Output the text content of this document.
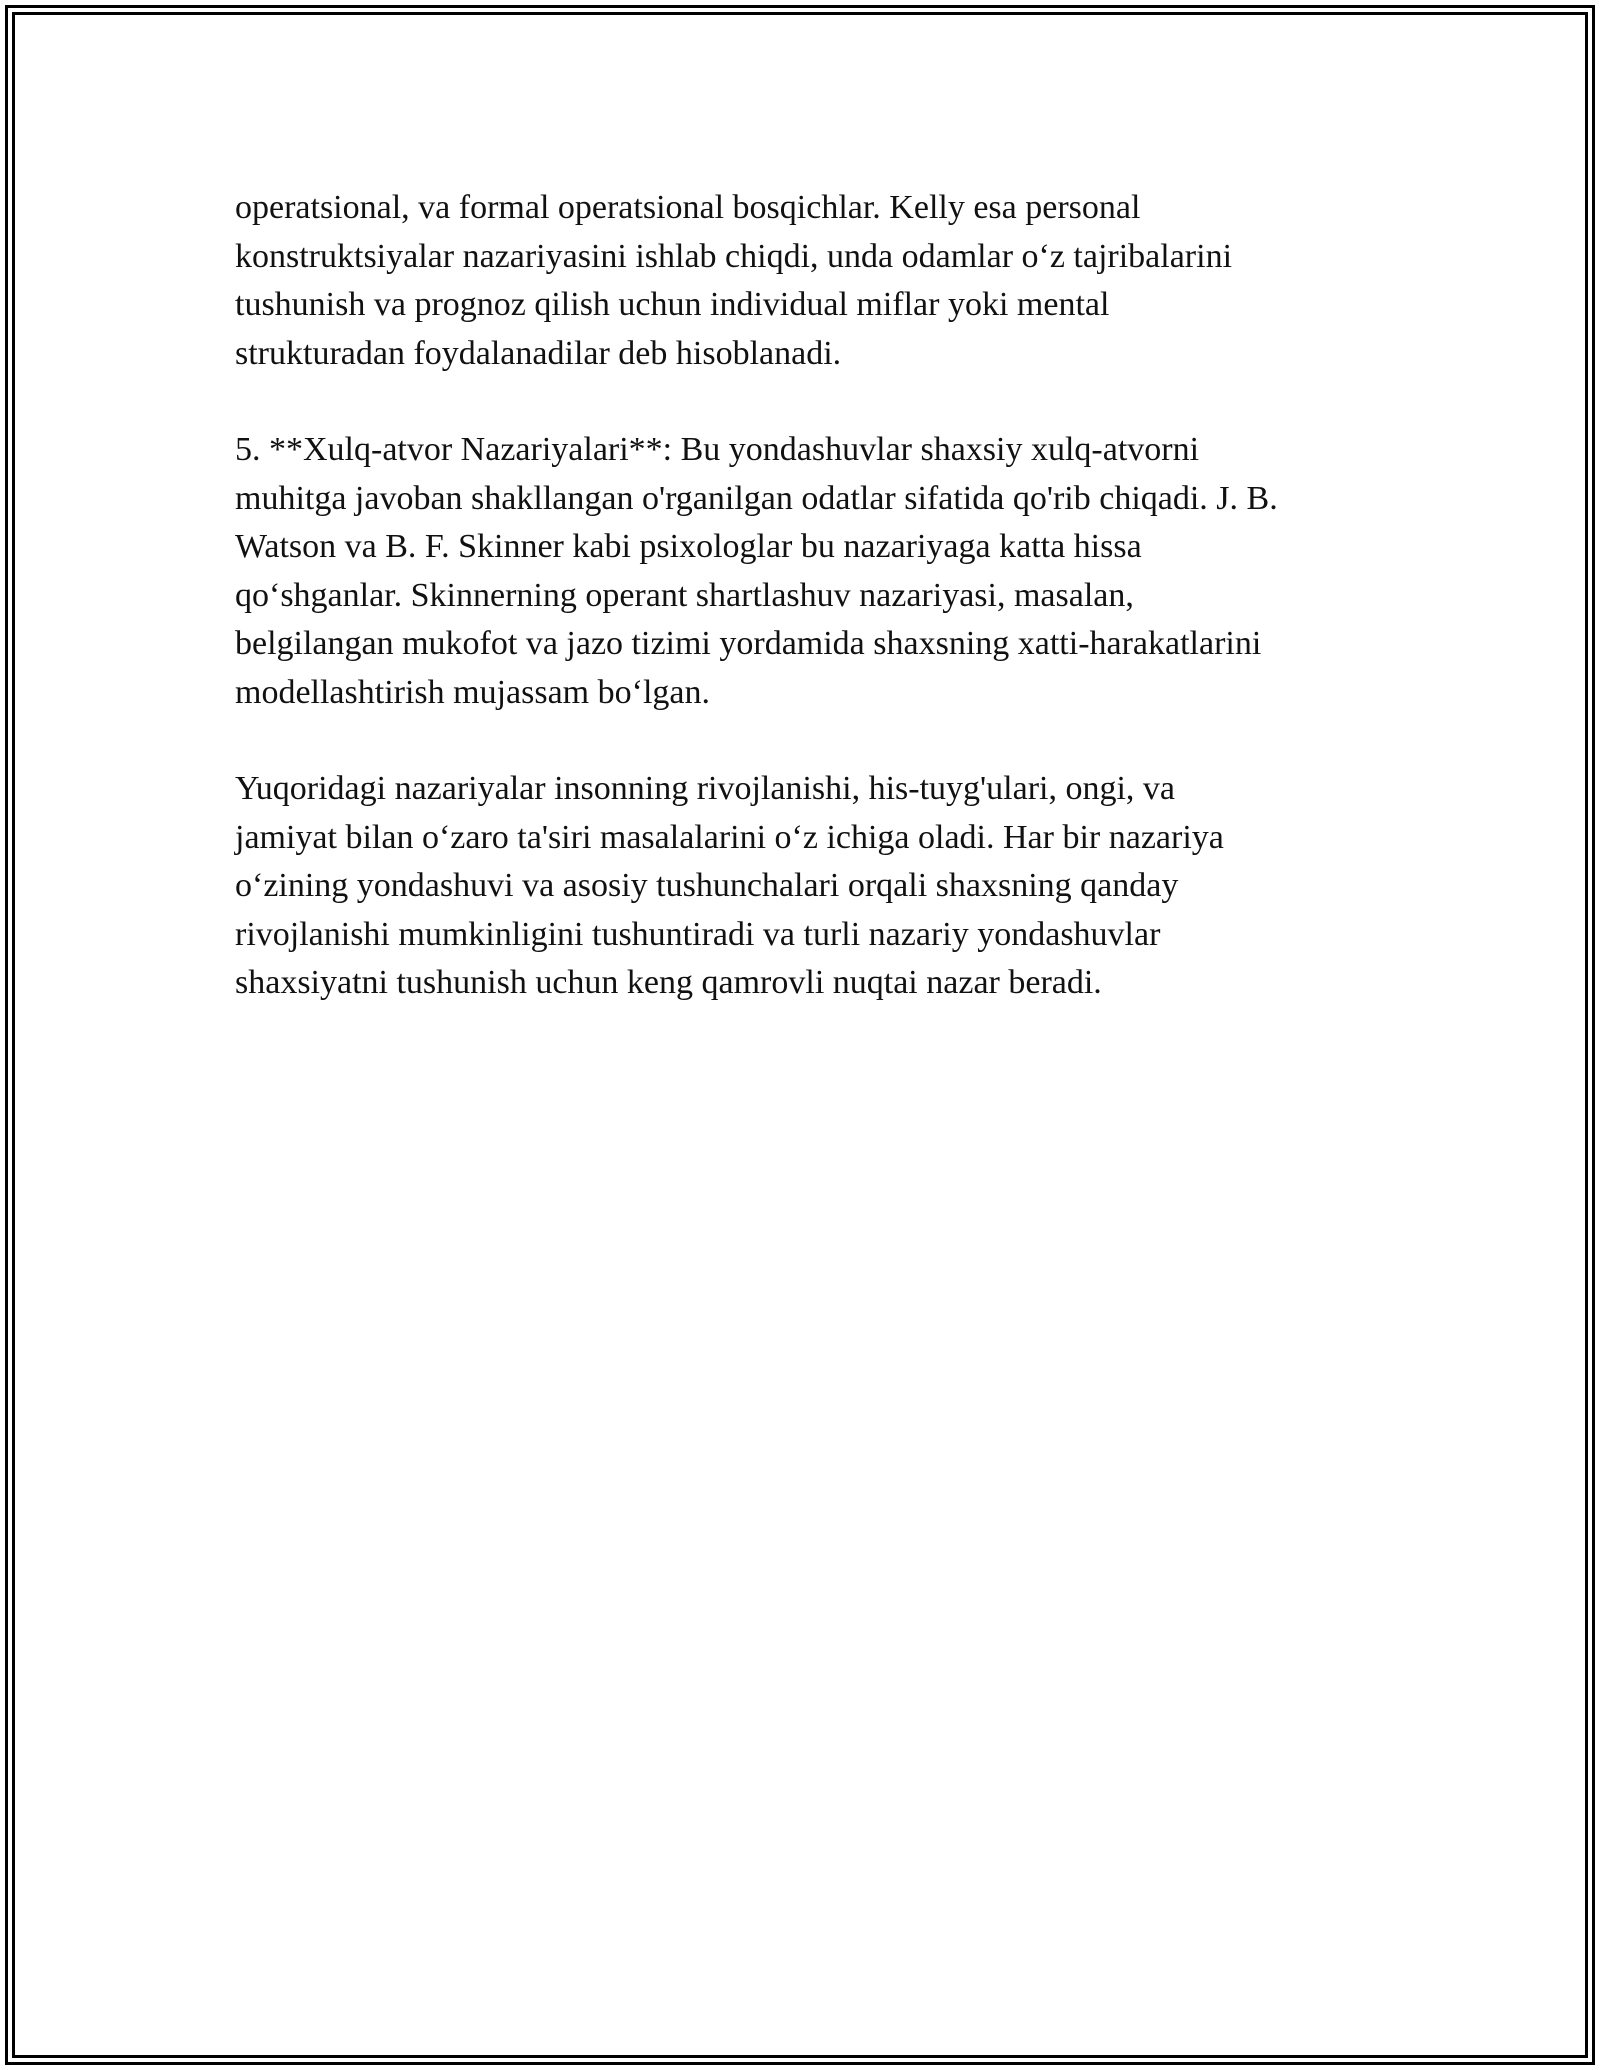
operatsional, va formal operatsional bosqichlar. Kelly esa personal
konstruktsiyalar nazariyasini ishlab chiqdi, unda odamlar o‘z tajribalarini
tushunish va prognoz qilish uchun individual miflar yoki mental
strukturadan foydalanadilar deb hisoblanadi.

5. **Xulq-atvor Nazariyalari**: Bu yondashuvlar shaxsiy xulq-atvorni
muhitga javoban shakllangan o'rganilgan odatlar sifatida qo'rib chiqadi. J. B.
Watson va B. F. Skinner kabi psixologlar bu nazariyaga katta hissa
qo‘shganlar. Skinnerning operant shartlashuv nazariyasi, masalan,
belgilangan mukofot va jazo tizimi yordamida shaxsning xatti-harakatlarini
modellashtirish mujassam bo‘lgan.

Yuqoridagi nazariyalar insonning rivojlanishi, his-tuyg'ulari, ongi, va
jamiyat bilan o‘zaro ta'siri masalalarini o‘z ichiga oladi. Har bir nazariya
o‘zining yondashuvi va asosiy tushunchalari orqali shaxsning qanday
rivojlanishi mumkinligini tushuntiradi va turli nazariy yondashuvlar
shaxsiyatni tushunish uchun keng qamrovli nuqtai nazar beradi.
